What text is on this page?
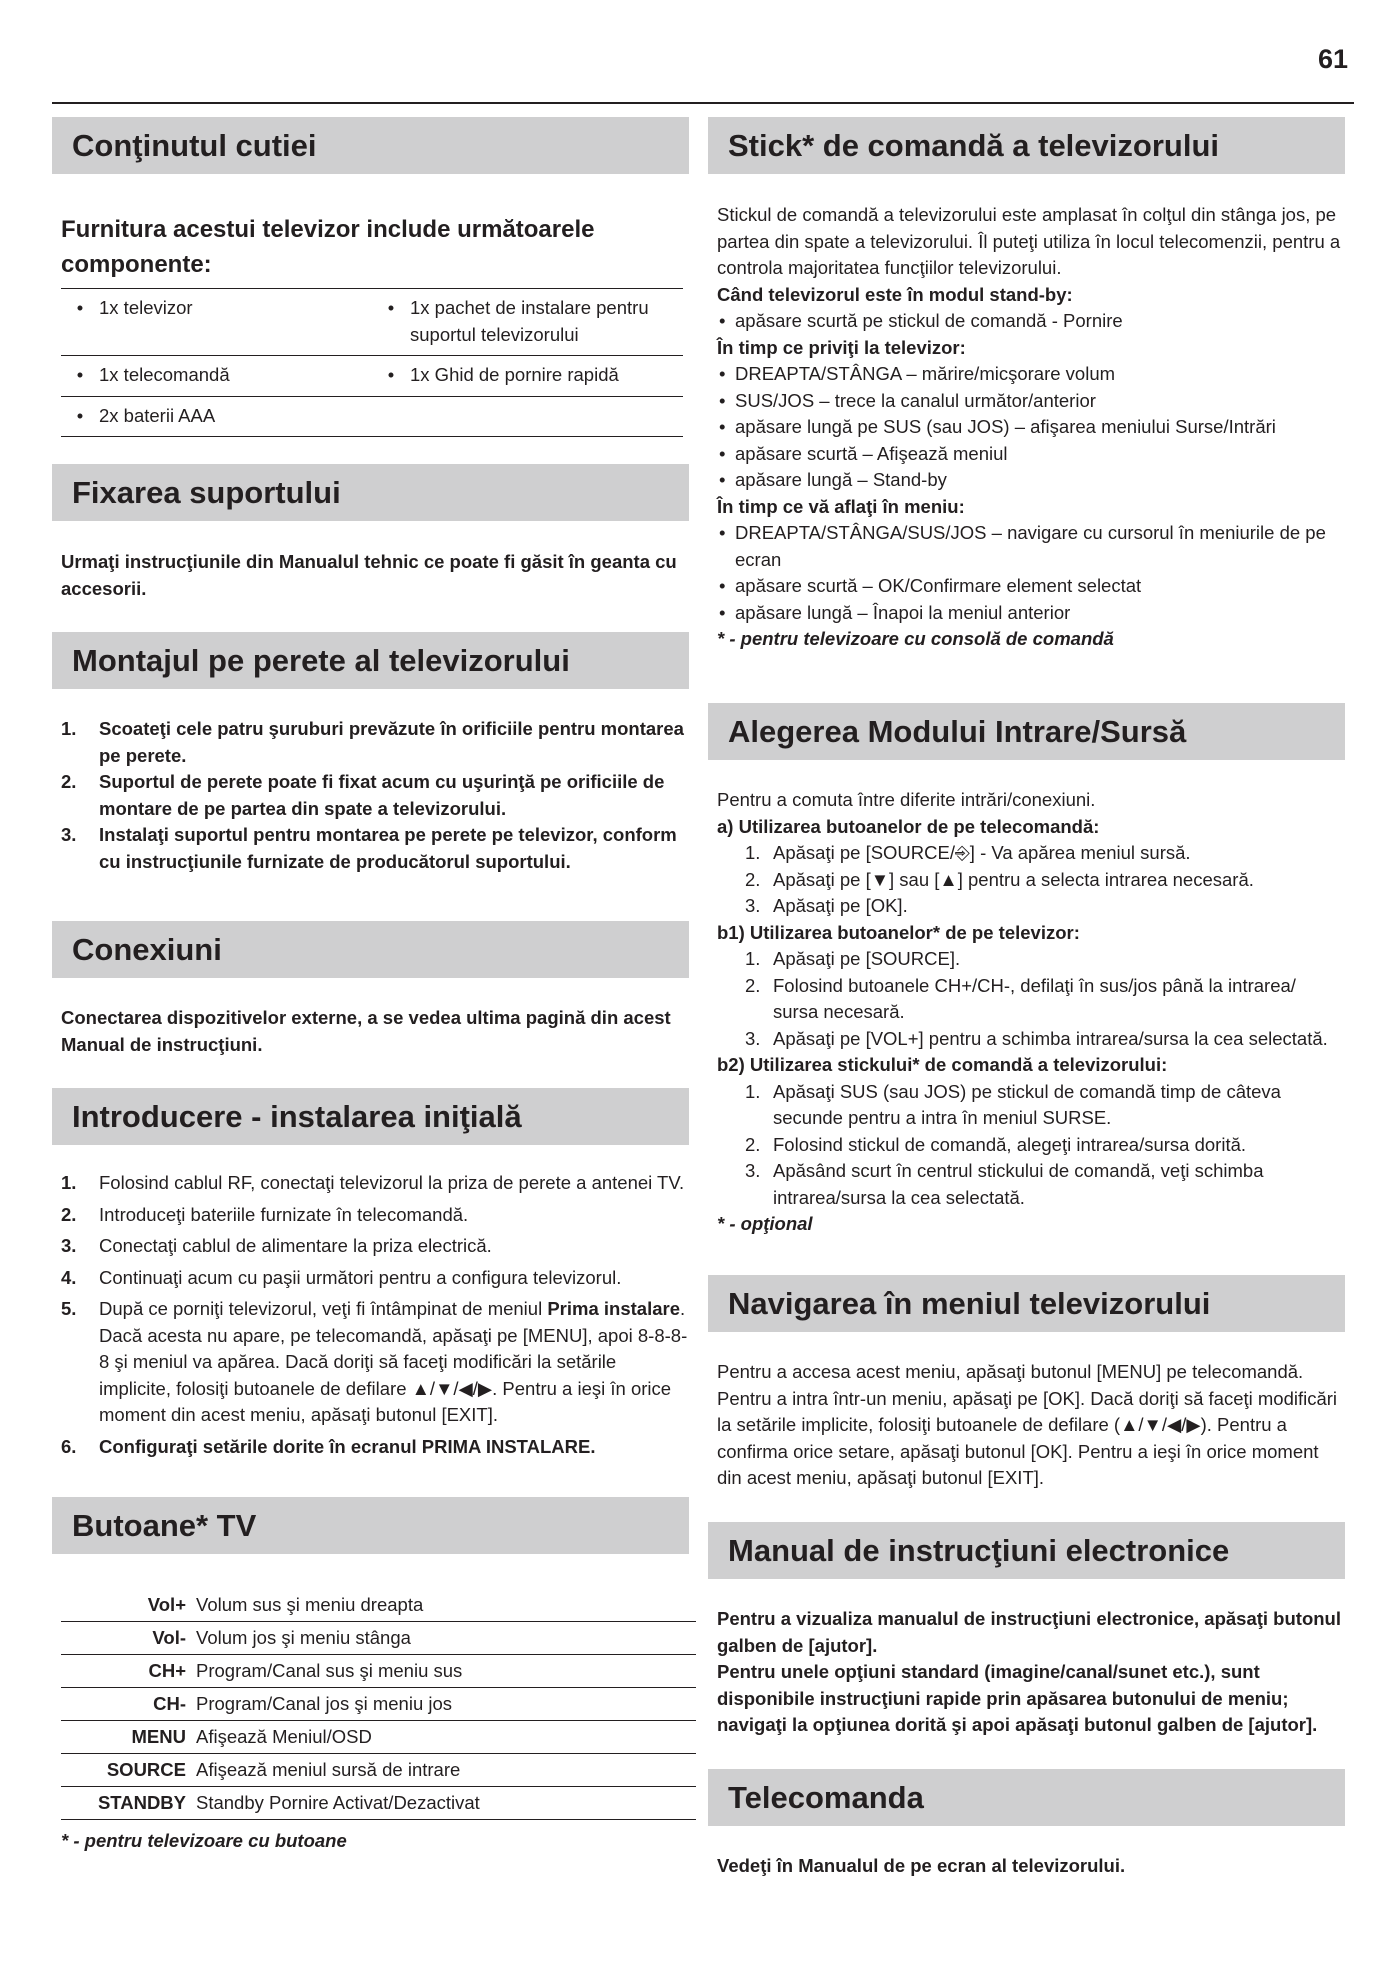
61
Conţinutul cutiei
Furnitura acestui televizor include următoarele componente:
• 1x televizor	• 1x pachet de instalare pentru suportul televizorului
• 1x telecomandă	• 1x Ghid de pornire rapidă
• 2x baterii AAA	
Fixarea suportului
Urmaţi instrucţiunile din Manualul tehnic ce poate fi găsit în geanta cu accesorii.
Montajul pe perete al televizorului
1. Scoateţi cele patru şuruburi prevăzute în orificiile pentru montarea pe perete.
2. Suportul de perete poate fi fixat acum cu uşurinţă pe orificiile de montare de pe partea din spate a televizorului.
3. Instalaţi suportul pentru montarea pe perete pe televizor, conform cu instrucţiunile furnizate de producătorul suportului.
Conexiuni
Conectarea dispozitivelor externe, a se vedea ultima pagină din acest Manual de instrucţiuni.
Introducere - instalarea iniţială
1. Folosind cablul RF, conectaţi televizorul la priza de perete a antenei TV.
2. Introduceţi bateriile furnizate în telecomandă.
3. Conectaţi cablul de alimentare la priza electrică.
4. Continuaţi acum cu paşii următori pentru a configura televizorul.
5. După ce porniţi televizorul, veţi fi întâmpinat de meniul Prima instalare. Dacă acesta nu apare, pe telecomandă, apăsaţi pe [MENU], apoi 8-8-8-8 şi meniul va apărea. Dacă doriţi să faceţi modificări la setările implicite, folosiţi butoanele de defilare ▲/▼/◀/▶. Pentru a ieşi în orice moment din acest meniu, apăsaţi butonul [EXIT].
6. Configuraţi setările dorite în ecranul PRIMA INSTALARE.
Butoane* TV
Vol+	Volum sus şi meniu dreapta
Vol-	Volum jos şi meniu stânga
CH+	Program/Canal sus şi meniu sus
CH-	Program/Canal jos şi meniu jos
MENU	Afişează Meniul/OSD
SOURCE	Afişează meniul sursă de intrare
STANDBY	Standby Pornire Activat/Dezactivat
* - pentru televizoare cu butoane
Stick* de comandă a televizorului
Stickul de comandă a televizorului este amplasat în colţul din stânga jos, pe partea din spate a televizorului. Îl puteţi utiliza în locul telecomenzii, pentru a controla majoritatea funcţiilor televizorului.
Când televizorul este în modul stand-by:
• apăsare scurtă pe stickul de comandă - Pornire
În timp ce priviţi la televizor:
• DREAPTA/STÂNGA – mărire/micşorare volum
• SUS/JOS – trece la canalul următor/anterior
• apăsare lungă pe SUS (sau JOS) – afişarea meniului Surse/Intrări
• apăsare scurtă – Afişează meniul
• apăsare lungă – Stand-by
În timp ce vă aflaţi în meniu:
• DREAPTA/STÂNGA/SUS/JOS – navigare cu cursorul în meniurile de pe ecran
• apăsare scurtă – OK/Confirmare element selectat
• apăsare lungă – Înapoi la meniul anterior
* - pentru televizoare cu consolă de comandă
Alegerea Modului Intrare/Sursă
Pentru a comuta între diferite intrări/conexiuni.
a) Utilizarea butoanelor de pe telecomandă:
1. Apăsaţi pe [SOURCE/⎆] - Va apărea meniul sursă.
2. Apăsaţi pe [▼] sau [▲] pentru a selecta intrarea necesară.
3. Apăsaţi pe [OK].
b1) Utilizarea butoanelor* de pe televizor:
1. Apăsaţi pe [SOURCE].
2. Folosind butoanele CH+/CH-, defilaţi în sus/jos până la intrarea/ sursa necesară.
3. Apăsaţi pe [VOL+] pentru a schimba intrarea/sursa la cea selectată.
b2) Utilizarea stickului* de comandă a televizorului:
1. Apăsaţi SUS (sau JOS) pe stickul de comandă timp de câteva secunde pentru a intra în meniul SURSE.
2. Folosind stickul de comandă, alegeţi intrarea/sursa dorită.
3. Apăsând scurt în centrul stickului de comandă, veţi schimba intrarea/sursa la cea selectată.
* - opţional
Navigarea în meniul televizorului
Pentru a accesa acest meniu, apăsaţi butonul [MENU] pe telecomandă. Pentru a intra într-un meniu, apăsaţi pe [OK]. Dacă doriţi să faceţi modificări la setările implicite, folosiţi butoanele de defilare (▲/▼/◀/▶). Pentru a confirma orice setare, apăsaţi butonul [OK]. Pentru a ieşi în orice moment din acest meniu, apăsaţi butonul [EXIT].
Manual de instrucţiuni electronice
Pentru a vizualiza manualul de instrucţiuni electronice, apăsaţi butonul galben de [ajutor].
Pentru unele opţiuni standard (imagine/canal/sunet etc.), sunt disponibile instrucţiuni rapide prin apăsarea butonului de meniu; navigaţi la opţiunea dorită şi apoi apăsaţi butonul galben de [ajutor].
Telecomanda
Vedeţi în Manualul de pe ecran al televizorului.
